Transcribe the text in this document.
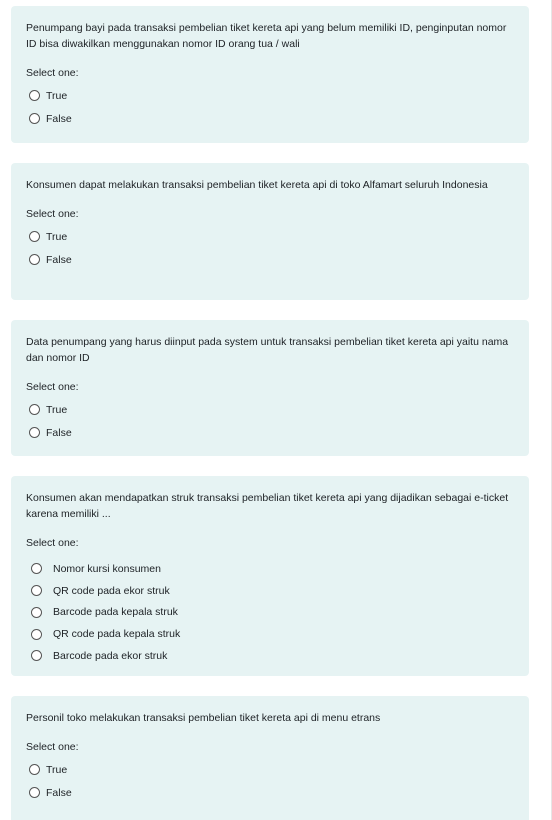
Penumpang bayi pada transaksi pembelian tiket kereta api yang belum memiliki ID, penginputan nomor ID bisa diwakilkan menggunakan nomor ID orang tua / wali

Select one:
True
False

Konsumen dapat melakukan transaksi pembelian tiket kereta api di toko Alfamart seluruh Indonesia

Select one:
True
False

Data penumpang yang harus diinput pada system untuk transaksi pembelian tiket kereta api yaitu nama dan nomor ID

Select one:
True
False

Konsumen akan mendapatkan struk transaksi pembelian tiket kereta api yang dijadikan sebagai e-ticket karena memiliki ...

Select one:
Nomor kursi konsumen
QR code pada ekor struk
Barcode pada kepala struk
QR code pada kepala struk
Barcode pada ekor struk

Personil toko melakukan transaksi pembelian tiket kereta api di menu etrans

Select one:
True
False
